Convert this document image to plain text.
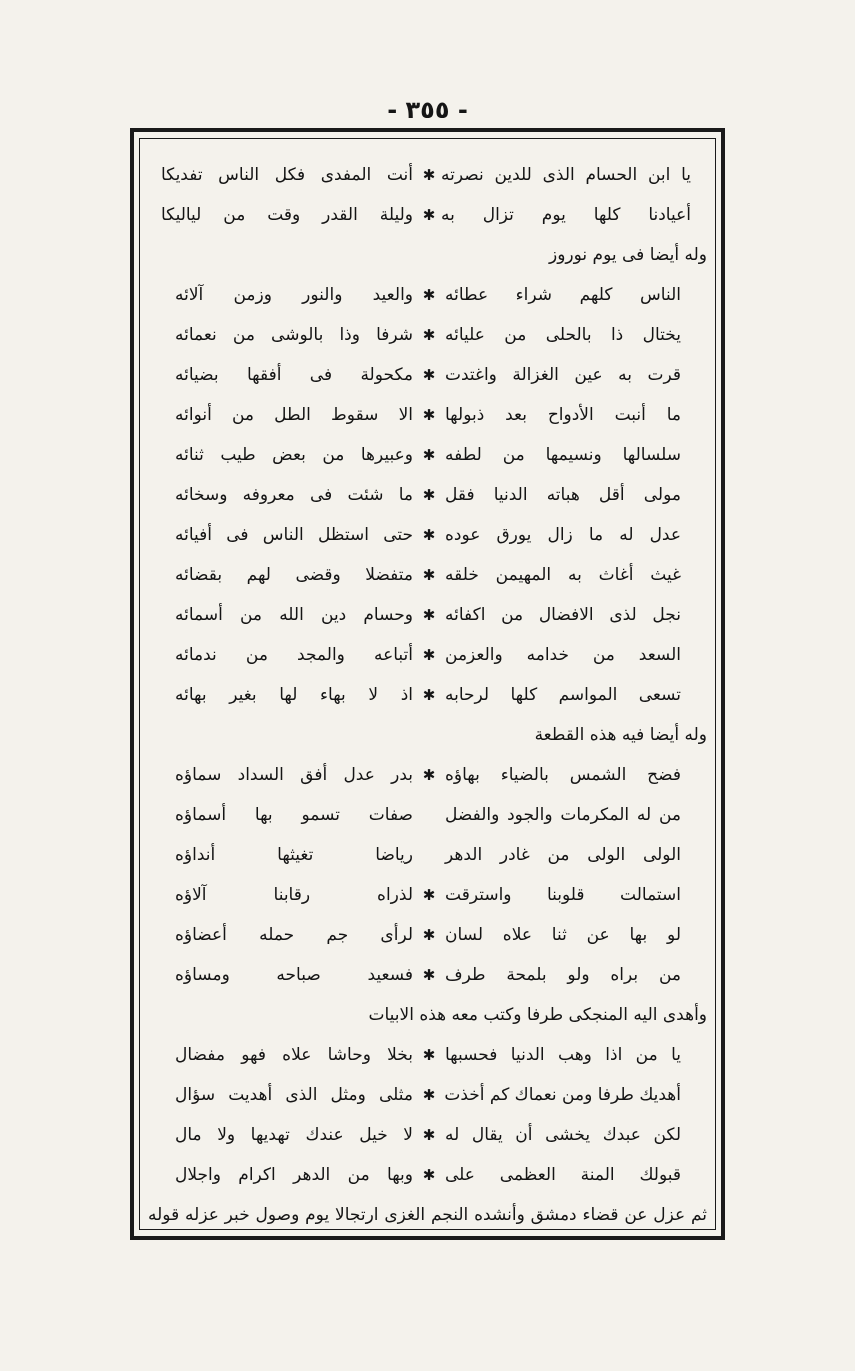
- ٣٥٥ -
يا ابن الحسام الذى للدين نصرته
✱
أنت المفدى فكل الناس تفديكا
أعيادنا كلها يوم تزال به
✱
وليلة القدر وقت من لياليكا
وله أيضا فى يوم نوروز
الناس كلهم شراء عطائه
✱
والعيد والنور وزمن آلائه
يختال ذا بالحلى من عليائه
✱
شرفا وذا بالوشى من نعمائه
قرت به عين الغزالة واغتدت
✱
مكحولة فى أفقها بضيائه
ما أنبت الأدواح بعد ذبولها
✱
الا سقوط الطل من أنوائه
سلسالها ونسيمها من لطفه
✱
وعبيرها من بعض طيب ثنائه
مولى أقل هباته الدنيا فقل
✱
ما شئت فى معروفه وسخائه
عدل له ما زال يورق عوده
✱
حتى استظل الناس فى أفيائه
غيث أغاث به المهيمن خلقه
✱
متفضلا وقضى لهم بقضائه
نجل لذى الافضال من اكفائه
✱
وحسام دين الله من أسمائه
السعد من خدامه والعزمن
✱
أتباعه والمجد من ندمائه
تسعى المواسم كلها لرحابه
✱
اذ لا بهاء لها بغير بهائه
وله أيضا فيه هذه القطعة
فضح الشمس بالضياء بهاؤه
✱
بدر عدل أفق السداد سماؤه
من له المكرمات والجود والفضل
صفات تسمو بها أسماؤه
الولى الولى من غادر الدهر
رياضا تغيثها أنداؤه
استمالت قلوبنا واسترقت
✱
لذراه رقابنا آلاؤه
لو بها عن ثنا علاه لسان
✱
لرأى جم حمله أعضاؤه
من براه ولو بلمحة طرف
✱
فسعيد صباحه ومساؤه
وأهدى اليه المنجكى طرفا وكتب معه هذه الابيات
يا من اذا وهب الدنيا فحسبها
✱
بخلا وحاشا علاه فهو مفضال
أهديك طرفا ومن نعماك كم أخذت
✱
مثلى ومثل الذى أهديت سؤال
لكن عبدك يخشى أن يقال له
✱
لا خيل عندك تهديها ولا مال
قبولك المنة العظمى على
✱
وبها من الدهر اكرام واجلال
ثم عزل عن قضاء دمشق وأنشده النجم الغزى ارتجالا يوم وصول خبر عزله قوله
